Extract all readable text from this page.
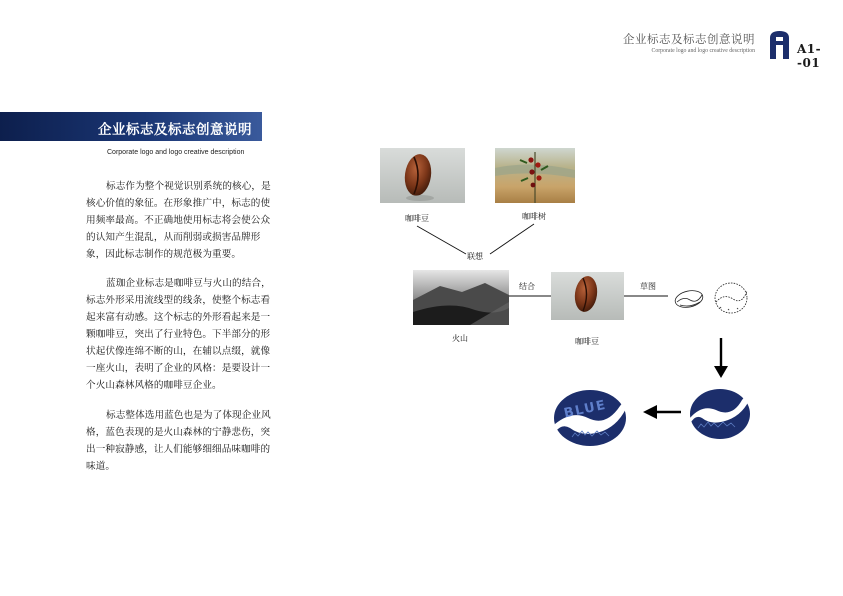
企业标志及标志创意说明
Corporate logo and logo creative description	A1--01
企业标志及标志创意说明
Corporate logo and logo creative description
标志作为整个视觉识别系统的核心，是核心价值的象征。在形象推广中，标志的使用频率最高。不正确地使用标志将会使公众的认知产生混乱，从而削弱或损害品牌形象，因此标志制作的规范极为重要。
蓝珈企业标志是咖啡豆与火山的结合，标志外形采用流线型的线条，使整个标志看起来富有动感。这个标志的外形看起来是一颗咖啡豆，突出了行业特色。下半部分的形状起伏像连绵不断的山，在辅以点缀，就像一座火山，表明了企业的风格：是要设计一个火山森林风格的咖啡豆企业。
标志整体选用蓝色也是为了体现企业风格，蓝色表现的是火山森林的宁静悲伤，突出一种寂静感，让人们能够细细品味咖啡的味道。
咖啡豆	咖啡树
联想
火山
结合
咖啡豆
草图
BLUE
